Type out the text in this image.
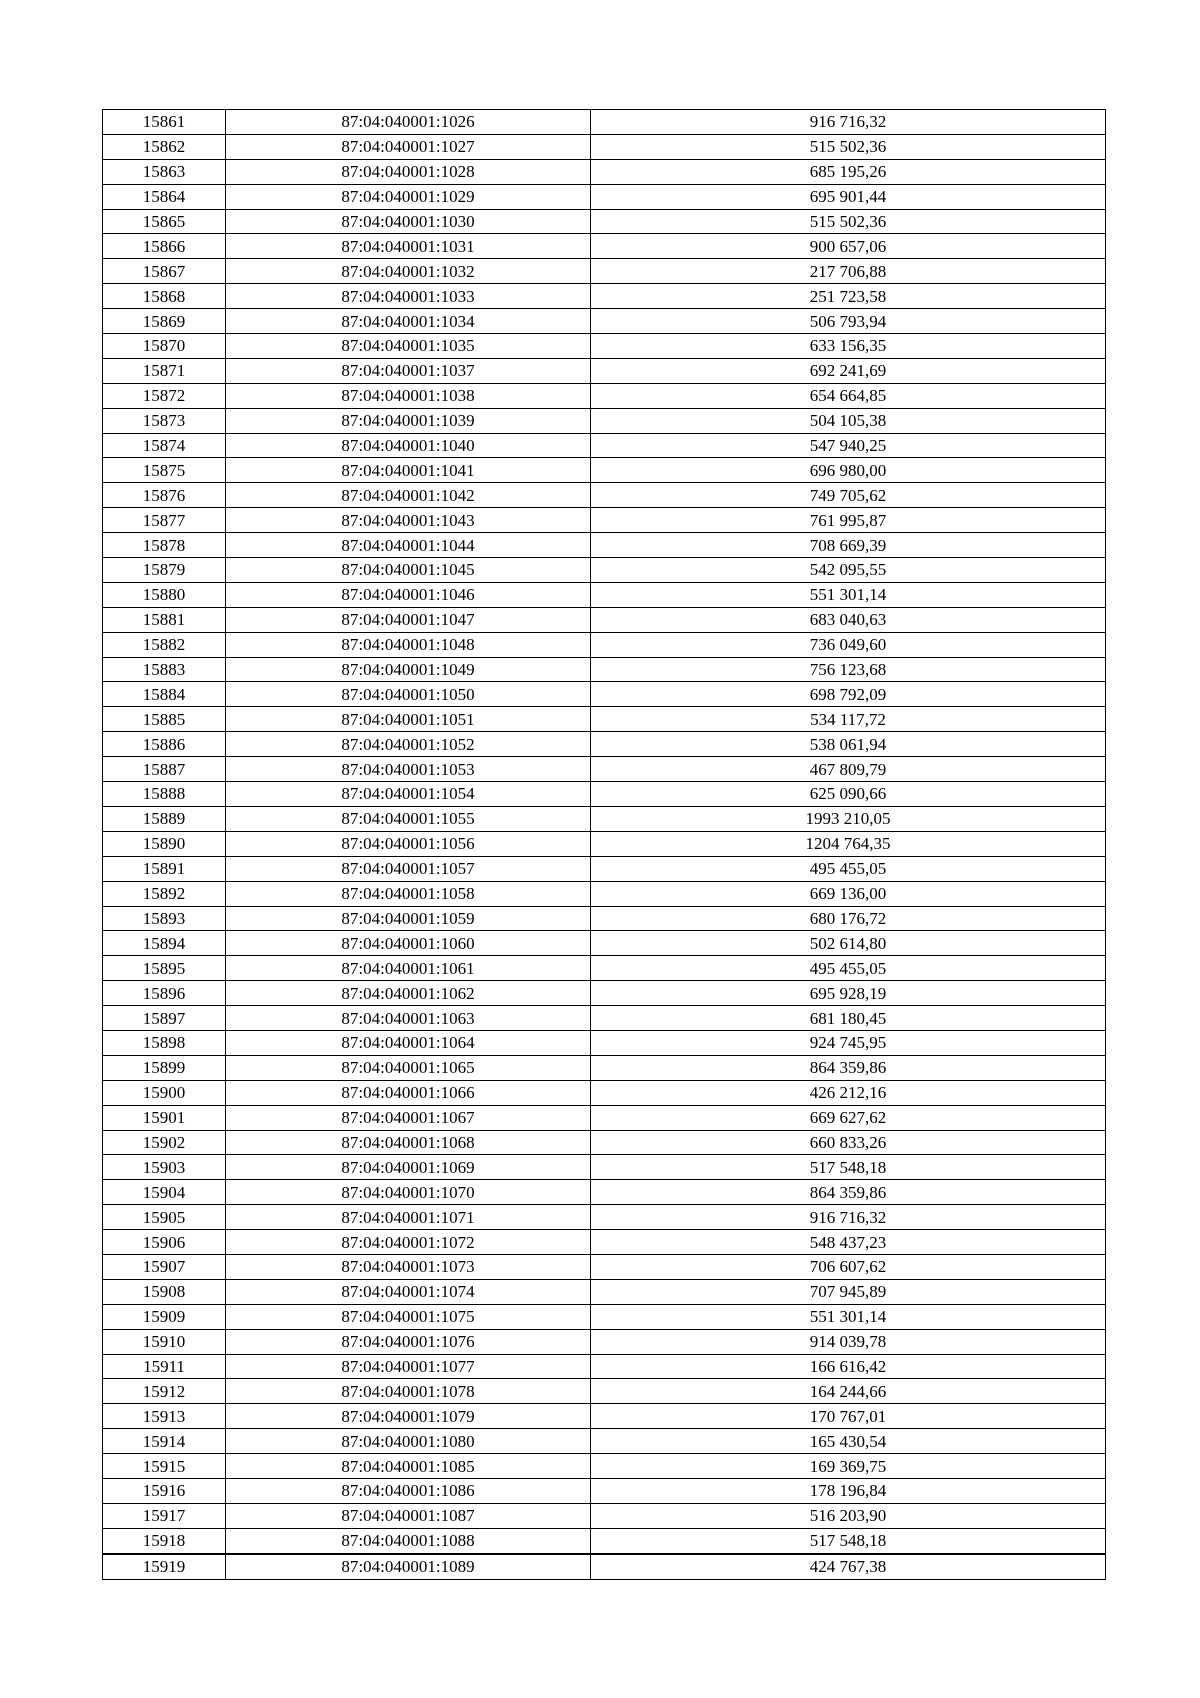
15861	87:04:040001:1026	916 716,32
15862	87:04:040001:1027	515 502,36
15863	87:04:040001:1028	685 195,26
15864	87:04:040001:1029	695 901,44
15865	87:04:040001:1030	515 502,36
15866	87:04:040001:1031	900 657,06
15867	87:04:040001:1032	217 706,88
15868	87:04:040001:1033	251 723,58
15869	87:04:040001:1034	506 793,94
15870	87:04:040001:1035	633 156,35
15871	87:04:040001:1037	692 241,69
15872	87:04:040001:1038	654 664,85
15873	87:04:040001:1039	504 105,38
15874	87:04:040001:1040	547 940,25
15875	87:04:040001:1041	696 980,00
15876	87:04:040001:1042	749 705,62
15877	87:04:040001:1043	761 995,87
15878	87:04:040001:1044	708 669,39
15879	87:04:040001:1045	542 095,55
15880	87:04:040001:1046	551 301,14
15881	87:04:040001:1047	683 040,63
15882	87:04:040001:1048	736 049,60
15883	87:04:040001:1049	756 123,68
15884	87:04:040001:1050	698 792,09
15885	87:04:040001:1051	534 117,72
15886	87:04:040001:1052	538 061,94
15887	87:04:040001:1053	467 809,79
15888	87:04:040001:1054	625 090,66
15889	87:04:040001:1055	1993 210,05
15890	87:04:040001:1056	1204 764,35
15891	87:04:040001:1057	495 455,05
15892	87:04:040001:1058	669 136,00
15893	87:04:040001:1059	680 176,72
15894	87:04:040001:1060	502 614,80
15895	87:04:040001:1061	495 455,05
15896	87:04:040001:1062	695 928,19
15897	87:04:040001:1063	681 180,45
15898	87:04:040001:1064	924 745,95
15899	87:04:040001:1065	864 359,86
15900	87:04:040001:1066	426 212,16
15901	87:04:040001:1067	669 627,62
15902	87:04:040001:1068	660 833,26
15903	87:04:040001:1069	517 548,18
15904	87:04:040001:1070	864 359,86
15905	87:04:040001:1071	916 716,32
15906	87:04:040001:1072	548 437,23
15907	87:04:040001:1073	706 607,62
15908	87:04:040001:1074	707 945,89
15909	87:04:040001:1075	551 301,14
15910	87:04:040001:1076	914 039,78
15911	87:04:040001:1077	166 616,42
15912	87:04:040001:1078	164 244,66
15913	87:04:040001:1079	170 767,01
15914	87:04:040001:1080	165 430,54
15915	87:04:040001:1085	169 369,75
15916	87:04:040001:1086	178 196,84
15917	87:04:040001:1087	516 203,90
15918	87:04:040001:1088	517 548,18
15919	87:04:040001:1089	424 767,38
